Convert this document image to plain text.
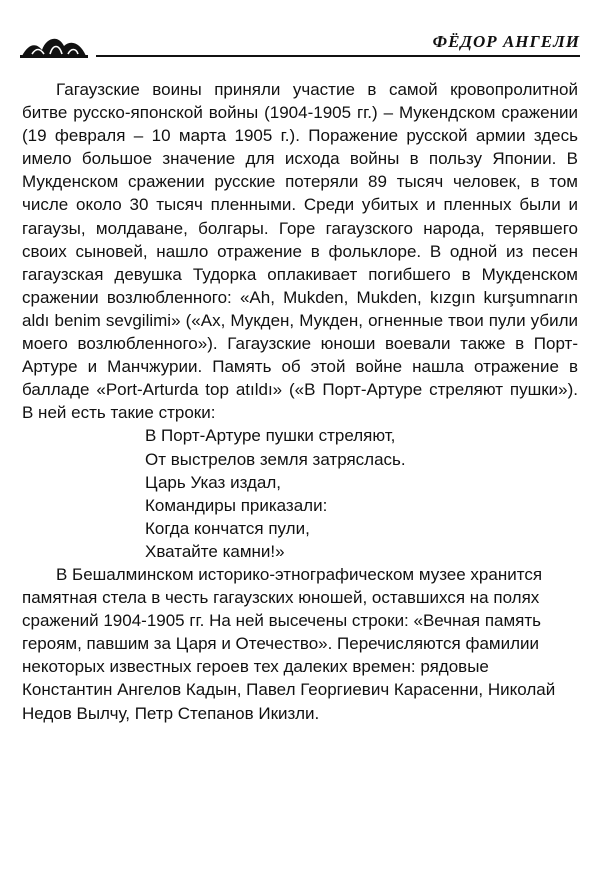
ФЁДОР АНГЕЛИ

Гагаузские воины приняли участие в самой кровопролитной битве русско-японской войны (1904-1905 гг.) – Мукендском сражении (19 февраля – 10 марта 1905 г.). Поражение русской армии здесь имело большое значение для исхода войны в пользу Японии. В Мукденском сражении русские потеряли 89 тысяч человек, в том числе около 30 тысяч пленными. Среди убитых и пленных были и гагаузы, молдаване, болгары. Горе гагаузского народа, терявшего своих сыновей, нашло отражение в фольклоре. В одной из песен гагаузская девушка Тудорка оплакивает погибшего в Мукденском сражении возлюбленного: «Ah, Mukden, Mukden, kızgın kurşumnarın aldı benim sevgilimi» («Ах, Мукден, Мукден, огненные твои пули убили моего возлюбленного»). Гагаузские юноши воевали также в Порт-Артуре и Манчжурии. Память об этой войне нашла отражение в балладе «Port-Arturda top atıldı» («В Порт-Артуре стреляют пушки»). В ней есть такие строки:

В Порт-Артуре пушки стреляют,
От выстрелов земля затряслась.
Царь Указ издал,
Командиры приказали:
Когда кончатся пули,
Хватайте камни!»

В Бешалминском историко-этнографическом музее хранится памятная стела в честь гагаузских юношей, оставшихся на полях сражений 1904-1905 гг. На ней высечены строки: «Вечная память героям, павшим за Царя и Отечество». Перечисляются фамилии некоторых известных героев тех далеких времен: рядовые Константин Ангелов Кадын, Павел Георгиевич Карасенни, Николай Недов Вылчу, Петр Степанов Икизли.
